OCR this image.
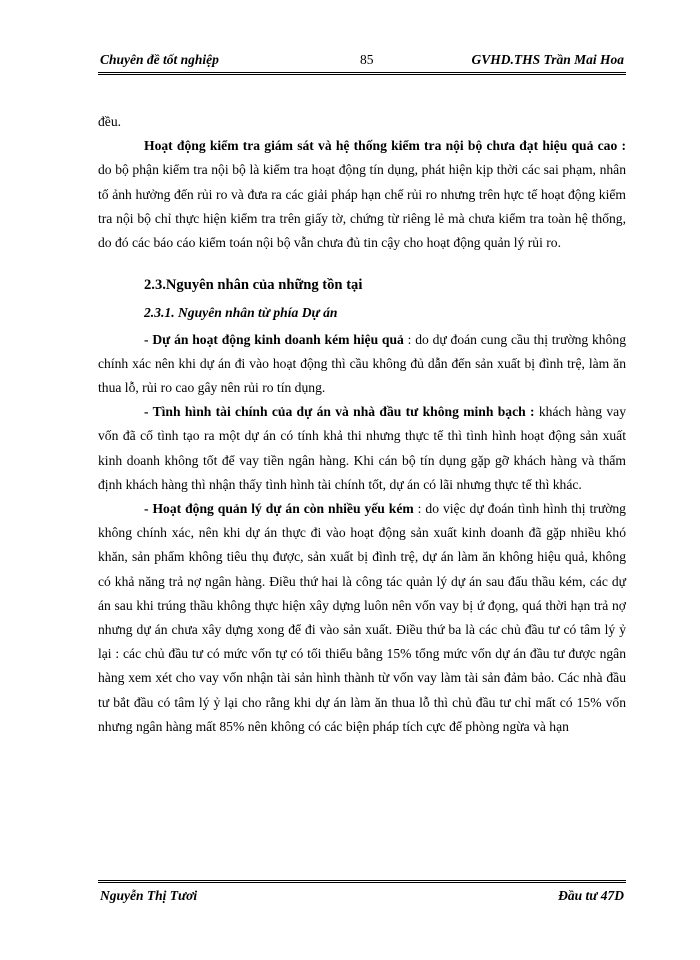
Chuyên đề tốt nghiệp	85	GVHD.THS Trần Mai Hoa

đều.

Hoạt động kiểm tra giám sát và hệ thống kiểm tra nội bộ chưa đạt hiệu quả cao : do bộ phận kiểm tra nội bộ là kiểm tra hoạt động tín dụng, phát hiện kịp thời các sai phạm, nhân tố ảnh hưởng đến rủi ro và đưa ra các giải pháp hạn chế rủi ro nhưng trên hực tế hoạt động kiểm tra nội bộ chỉ thực hiện kiểm tra trên giấy tờ, chứng từ riêng lẻ mà chưa kiểm tra toàn hệ thống, do đó các báo cáo kiểm toán nội bộ vẫn chưa đủ tin cậy cho hoạt động quản lý rủi ro.

2.3.Nguyên nhân của những tồn tại

2.3.1. Nguyên nhân từ phía Dự án

- Dự án hoạt động kinh doanh kém hiệu quả : do dự đoán cung cầu thị trường không chính xác nên khi dự án đi vào hoạt động thì cầu không đủ dẫn đến sản xuất bị đình trệ, làm ăn thua lỗ, rủi ro cao gây nên rủi ro tín dụng.

- Tình hình tài chính của dự án và nhà đầu tư không minh bạch : khách hàng vay vốn đã cố tình tạo ra một dự án có tính khả thi nhưng thực tế thì tình hình hoạt động sản xuất kinh doanh không tốt để vay tiền ngân hàng. Khi cán bộ tín dụng gặp gỡ khách hàng và thẩm định khách hàng thì nhận thấy tình hình tài chính tốt, dự án có lãi nhưng thực tế thì khác.

- Hoạt động quản lý dự án còn nhiều yếu kém : do việc dự đoán tình hình thị trường không chính xác, nên khi dự án thực đi vào hoạt động sản xuất kinh doanh đã gặp nhiều khó khăn, sản phẩm không tiêu thụ được, sản xuất bị đình trệ, dự án làm ăn không hiệu quả, không có khả năng trả nợ ngân hàng. Điều thứ hai là công tác quản lý dự án sau đấu thầu kém, các dự án sau khi trúng thầu không thực hiện xây dựng luôn nên vốn vay bị ứ đọng, quá thời hạn trả nợ nhưng dự án chưa xây dựng xong để đi vào sản xuất. Điều thứ ba là các chủ đầu tư có tâm lý ỷ lại : các chủ đầu tư có mức vốn tự có tối thiểu bằng 15% tổng mức vốn dự án đầu tư được ngân hàng xem xét cho vay vốn nhận tài sản hình thành từ vốn vay làm tài sản đảm bảo. Các nhà đầu tư bắt đầu có tâm lý ỷ lại cho rằng khi dự án làm ăn thua lỗ thì chủ đầu tư chỉ mất có 15% vốn nhưng ngân hàng mất 85% nên không có các biện pháp tích cực để phòng ngừa và hạn

Nguyễn Thị Tươi	Đầu tư 47D
